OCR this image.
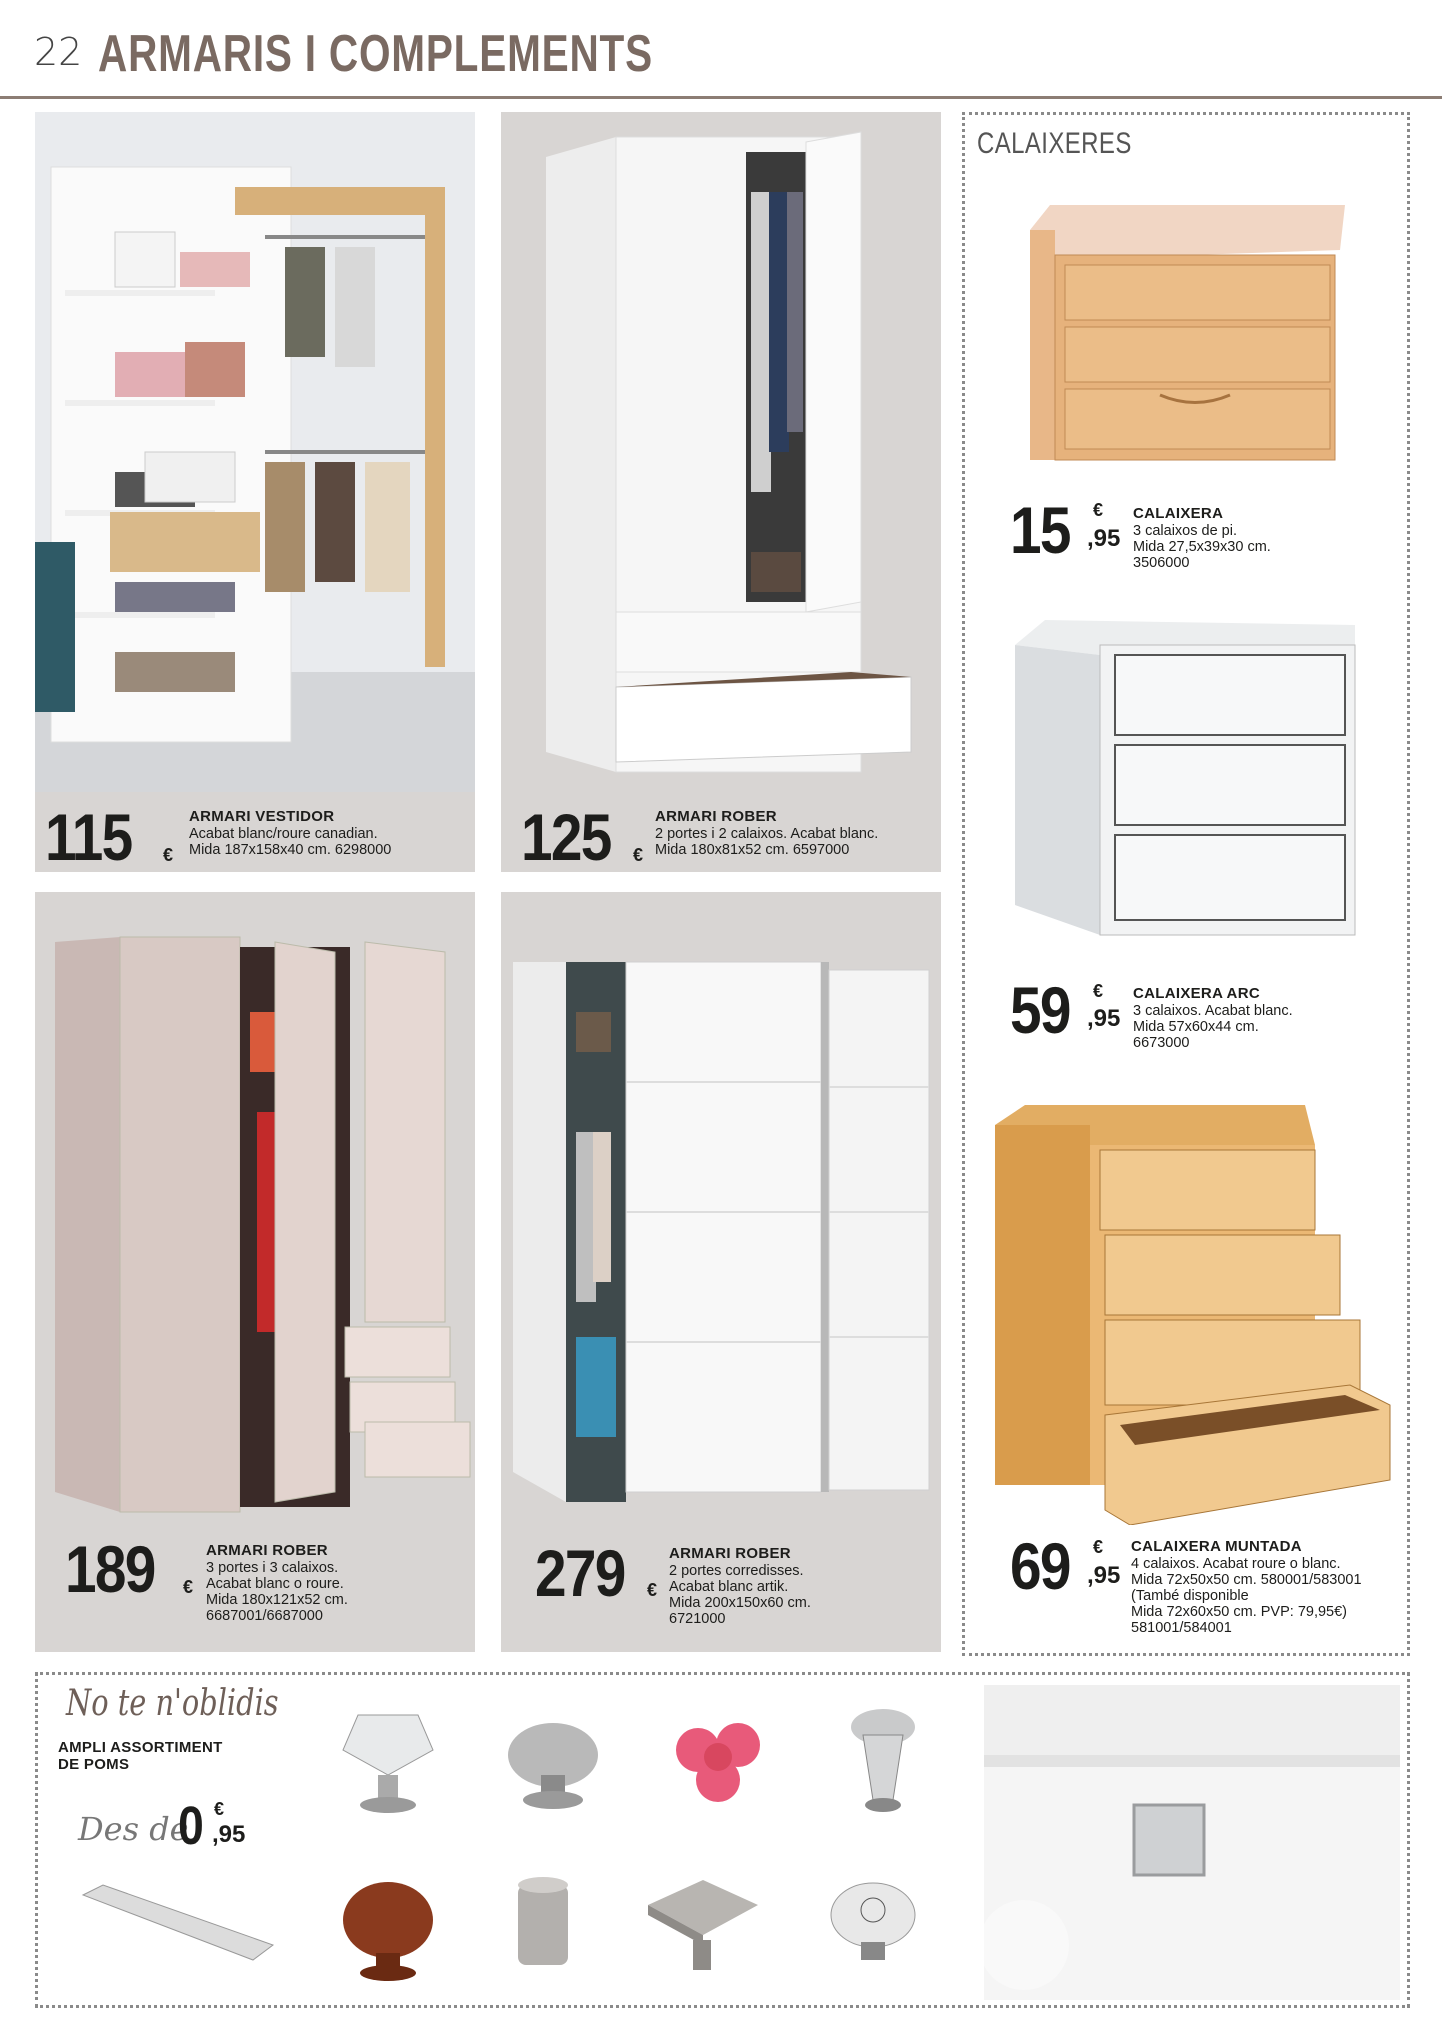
22 ARMARIS I COMPLEMENTS
115 €
ARMARI VESTIDOR
Acabat blanc/roure canadian.
Mida 187x158x40 cm. 6298000 125 €
ARMARI ROBER
2 portes i 2 calaixos. Acabat blanc.
Mida 180x81x52 cm. 6597000
189 €
ARMARI ROBER
3 portes i 3 calaixos.
Acabat blanc o roure.
Mida 180x121x52 cm.
6687001/6687000
279 €
ARMARI ROBER
2 portes corredisses.
Acabat blanc artik.
Mida 200x150x60 cm.
6721000
CALAIXERES
15 €
,95
CALAIXERA
3 calaixos de pi.
Mida 27,5x39x30 cm.
3506000
59 €
,95
CALAIXERA ARC
3 calaixos. Acabat blanc.
Mida 57x60x44 cm.
6673000
69 €
,95
CALAIXERA MUNTADA
4 calaixos. Acabat roure o blanc.
Mida 72x50x50 cm. 580001/583001
(També disponible
Mida 72x60x50 cm. PVP: 79,95€)
581001/584001
No te n'oblidis
AMPLI ASSORTIMENT
DE POMS
Des de
0 €
,95
